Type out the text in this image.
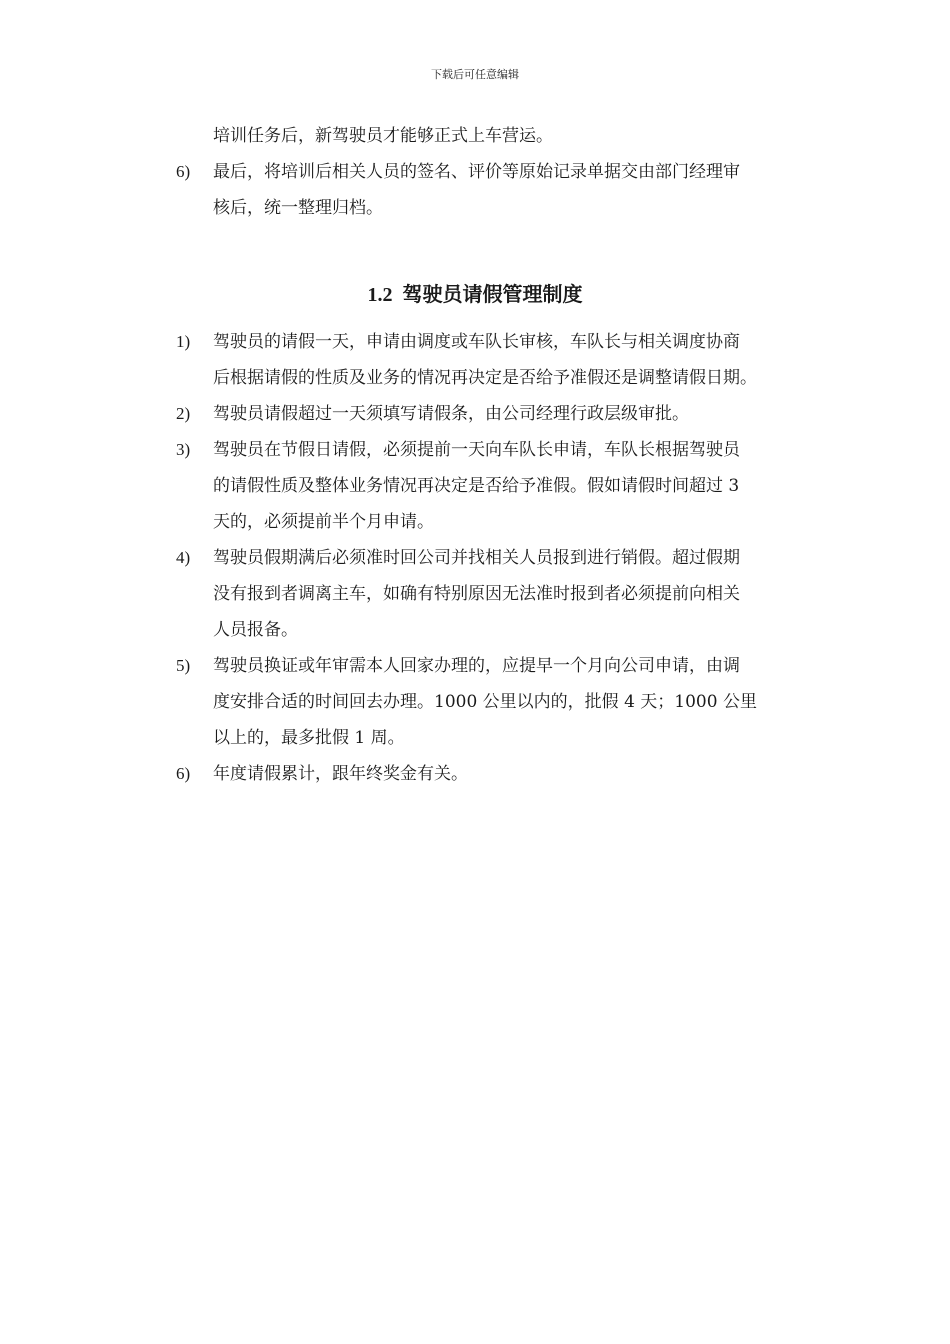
下载后可任意编辑
培训任务后，新驾驶员才能够正式上车营运。
6) 最后，将培训后相关人员的签名、评价等原始记录单据交由部门经理审
核后，统一整理归档。
1.2 驾驶员请假管理制度
1) 驾驶员的请假一天，申请由调度或车队长审核，车队长与相关调度协商
后根据请假的性质及业务的情况再决定是否给予准假还是调整请假日期。
2) 驾驶员请假超过一天须填写请假条，由公司经理行政层级审批。
3) 驾驶员在节假日请假，必须提前一天向车队长申请，车队长根据驾驶员
的请假性质及整体业务情况再决定是否给予准假。假如请假时间超过 3
天的，必须提前半个月申请。
4) 驾驶员假期满后必须准时回公司并找相关人员报到进行销假。超过假期
没有报到者调离主车，如确有特别原因无法准时报到者必须提前向相关
人员报备。
5) 驾驶员换证或年审需本人回家办理的，应提早一个月向公司申请，由调
度安排合适的时间回去办理。1000 公里以内的，批假 4 天；1000 公里
以上的，最多批假 1 周。
6) 年度请假累计，跟年终奖金有关。
